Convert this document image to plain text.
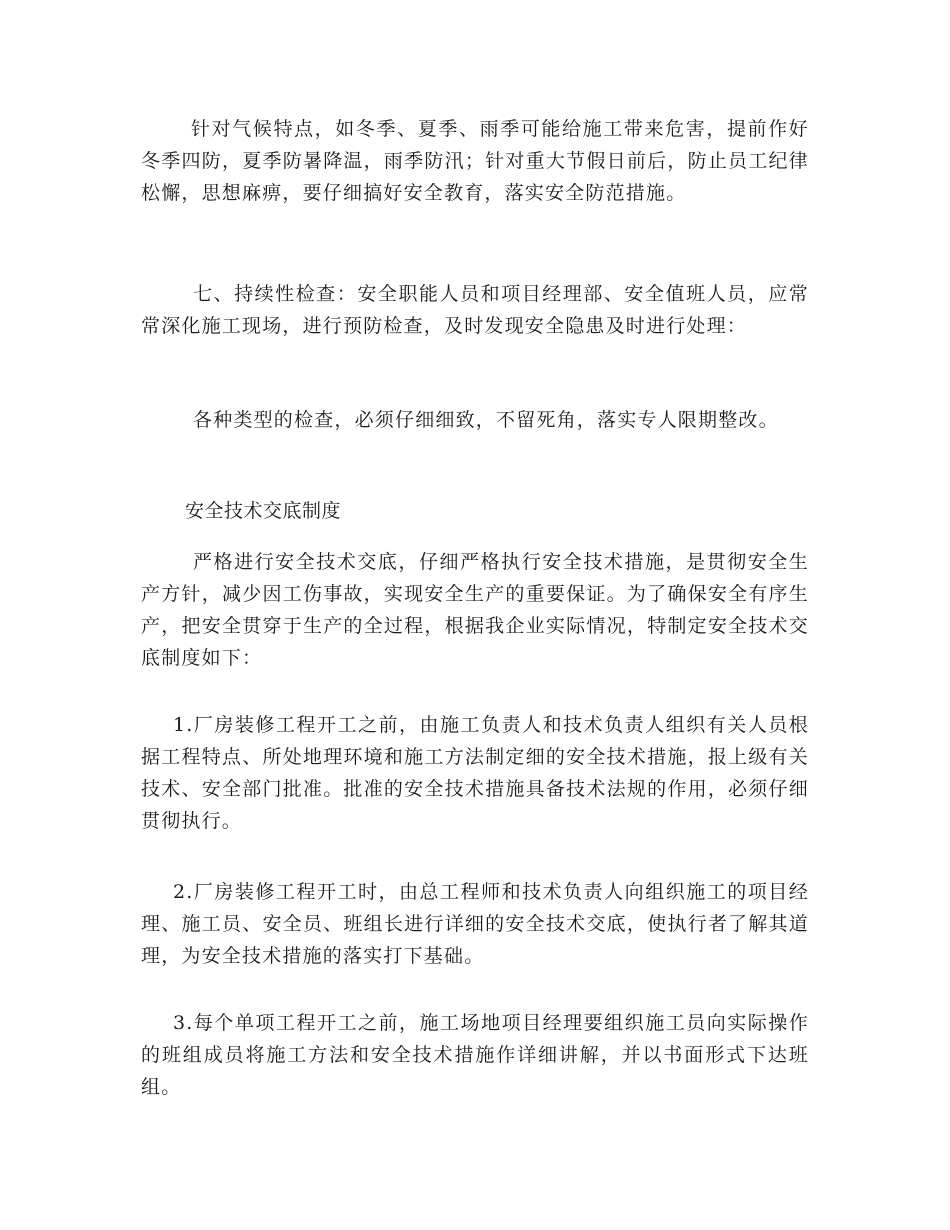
针对气候特点，如冬季、夏季、雨季可能给施工带来危害，提前作好冬季四防，夏季防暑降温，雨季防汛；针对重大节假日前后，防止员工纪律松懈，思想麻痹，要仔细搞好安全教育，落实安全防范措施。

七、持续性检查：安全职能人员和项目经理部、安全值班人员，应常常深化施工现场，进行预防检查，及时发现安全隐患及时进行处理：

各种类型的检查，必须仔细细致，不留死角，落实专人限期整改。

安全技术交底制度

严格进行安全技术交底，仔细严格执行安全技术措施，是贯彻安全生产方针，减少因工伤事故，实现安全生产的重要保证。为了确保安全有序生产，把安全贯穿于生产的全过程，根据我企业实际情况，特制定安全技术交底制度如下：

1.厂房装修工程开工之前，由施工负责人和技术负责人组织有关人员根据工程特点、所处地理环境和施工方法制定细的安全技术措施，报上级有关技术、安全部门批准。批准的安全技术措施具备技术法规的作用，必须仔细贯彻执行。

2.厂房装修工程开工时，由总工程师和技术负责人向组织施工的项目经理、施工员、安全员、班组长进行详细的安全技术交底，使执行者了解其道理，为安全技术措施的落实打下基础。

3.每个单项工程开工之前，施工场地项目经理要组织施工员向实际操作的班组成员将施工方法和安全技术措施作详细讲解，并以书面形式下达班组。
